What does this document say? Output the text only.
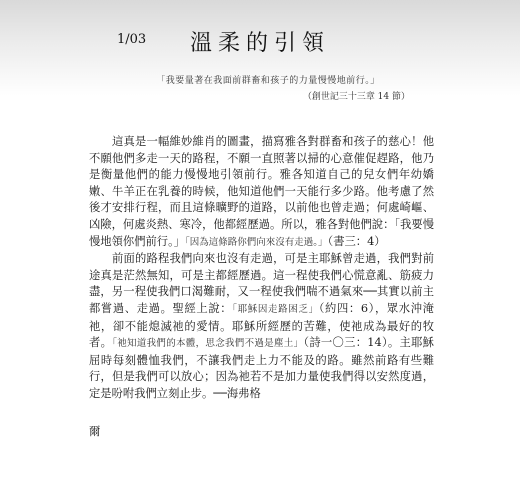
1/03	溫柔的引領
「我要量著在我面前群畜和孩子的力量慢慢地前行。」
（創世記三十三章 14 節）

這真是一幅維妙維肖的圖畫，描寫雅各對群畜和孩子的慈心！他不願他們多走一天的路程，不願一直照著以掃的心意催促趕路，他乃是衡量他們的能力慢慢地引領前行。雅各知道自己的兒女們年幼嬌嫩、牛羊正在乳養的時候，他知道他們一天能行多少路。他考慮了然後才安排行程，而且這條曠野的道路，以前他也曾走過；何處崎嶇、凶險，何處炎熱、寒冷，他都經歷過。所以，雅各對他們說：「我要慢慢地領你們前行。」「因為這條路你們向來沒有走過。」（書三：4）

前面的路程我們向來也沒有走過，可是主耶穌曾走過，我們對前途真是茫然無知，可是主都經歷過。這一程使我們心慌意亂、筋疲力盡，另一程使我們口渴難耐，又一程使我們喘不過氣來──其實以前主都嘗過、走過。聖經上說：「耶穌因走路困乏」（約四：6），眾水沖淹祂，卻不能熄滅祂的愛情。耶穌所經歷的苦難，使祂成為最好的牧者。「祂知道我們的本體，思念我們不過是塵土」（詩一〇三：14）。主耶穌屈時每刻體恤我們，不讓我們走上力不能及的路。雖然前路有些難行，但是我們可以放心；因為祂若不是加力量使我們得以安然度過，定是吩咐我們立刻止步。──海弗格

爾
